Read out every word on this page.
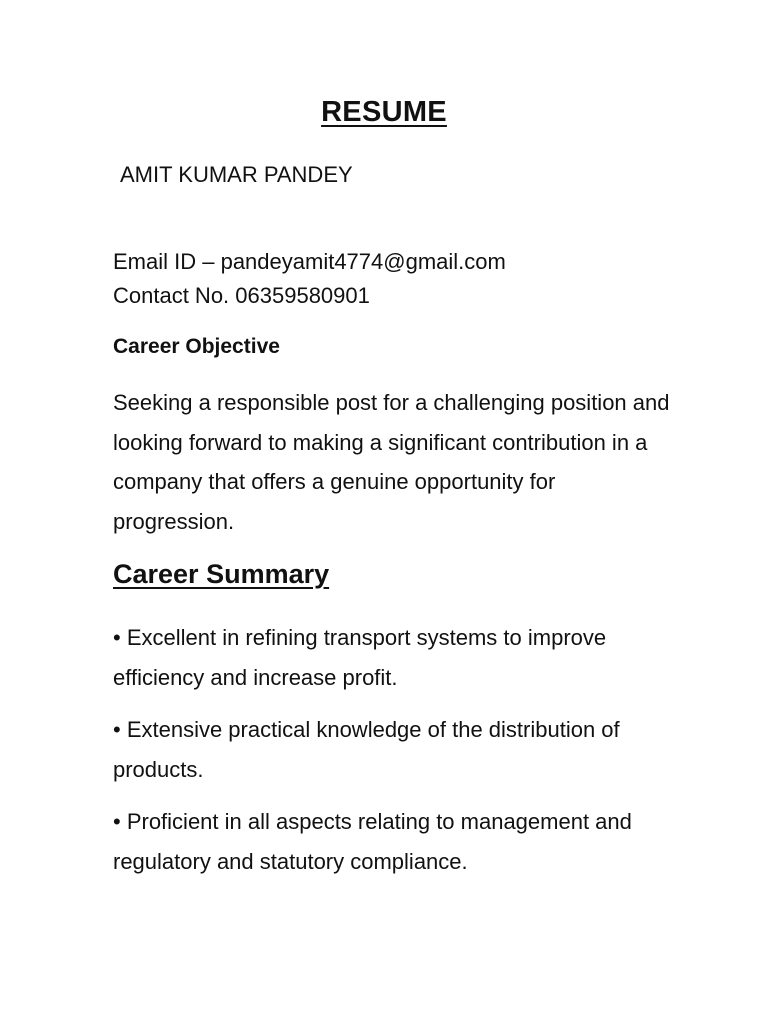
RESUME
AMIT KUMAR PANDEY
Email ID – pandeyamit4774@gmail.com
Contact No. 06359580901
Career Objective
Seeking a responsible post for a challenging position and looking forward to making a significant contribution in a company that offers a genuine opportunity for progression.
Career Summary
• Excellent in refining transport systems to improve efficiency and increase profit.
• Extensive practical knowledge of the distribution of products.
• Proficient in all aspects relating to management and regulatory and statutory compliance.
